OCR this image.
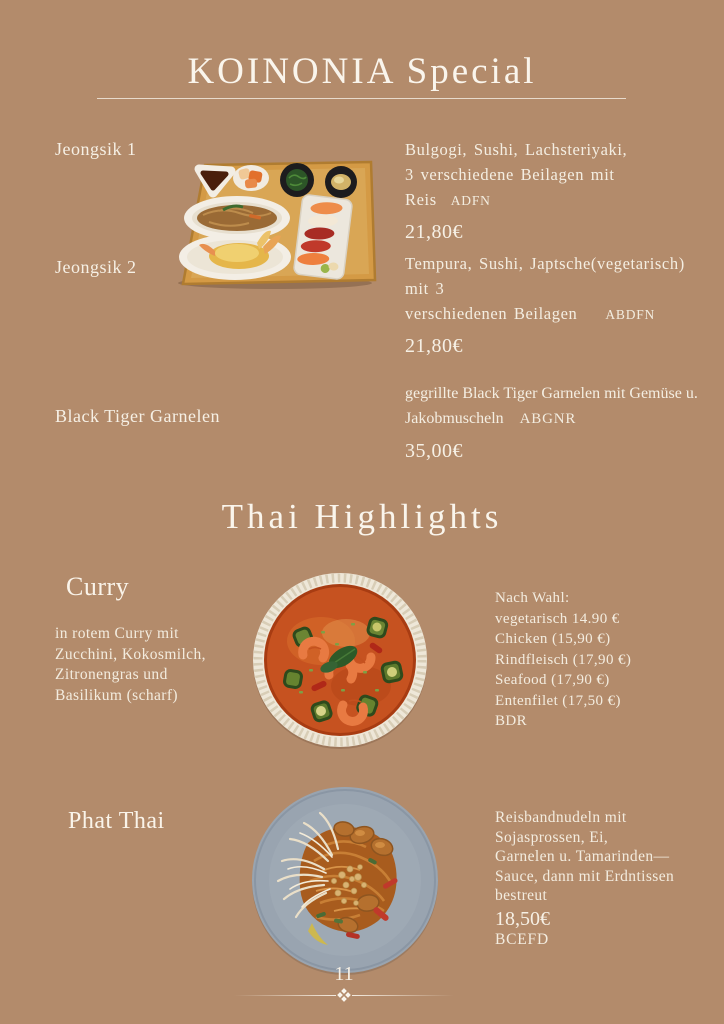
KOINONIA Special
Jeongsik 1	Bulgogi, Sushi, Lachsteriyaki,
3 verschiedene Beilagen mit Reis ADFN
21,80€
Jeongsik 2	Tempura, Sushi, Japtsche(vegetarisch) mit 3
verschiedenen Beilagen ABDFN
21,80€
Black Tiger Garnelen
gegrillte Black Tiger Garnelen mit Gemüse u.
Jakobmuscheln ABGNR
35,00€
Thai Highlights
Curry
in rotem Curry mit
Zucchini, Kokosmilch,
Zitronengras und
Basilikum (scharf)
Nach Wahl:
vegetarisch 14.90 €
Chicken (15,90 €)
Rindfleisch (17,90 €)
Seafood (17,90 €)
Entenfilet (17,50 €)
BDR
Phat Thai	Reisbandnudeln mit
Sojasprossen, Ei,
Garnelen u. Tamarinden—
Sauce, dann mit Erdntissen
bestreut
18,50€
BCEFD
11
